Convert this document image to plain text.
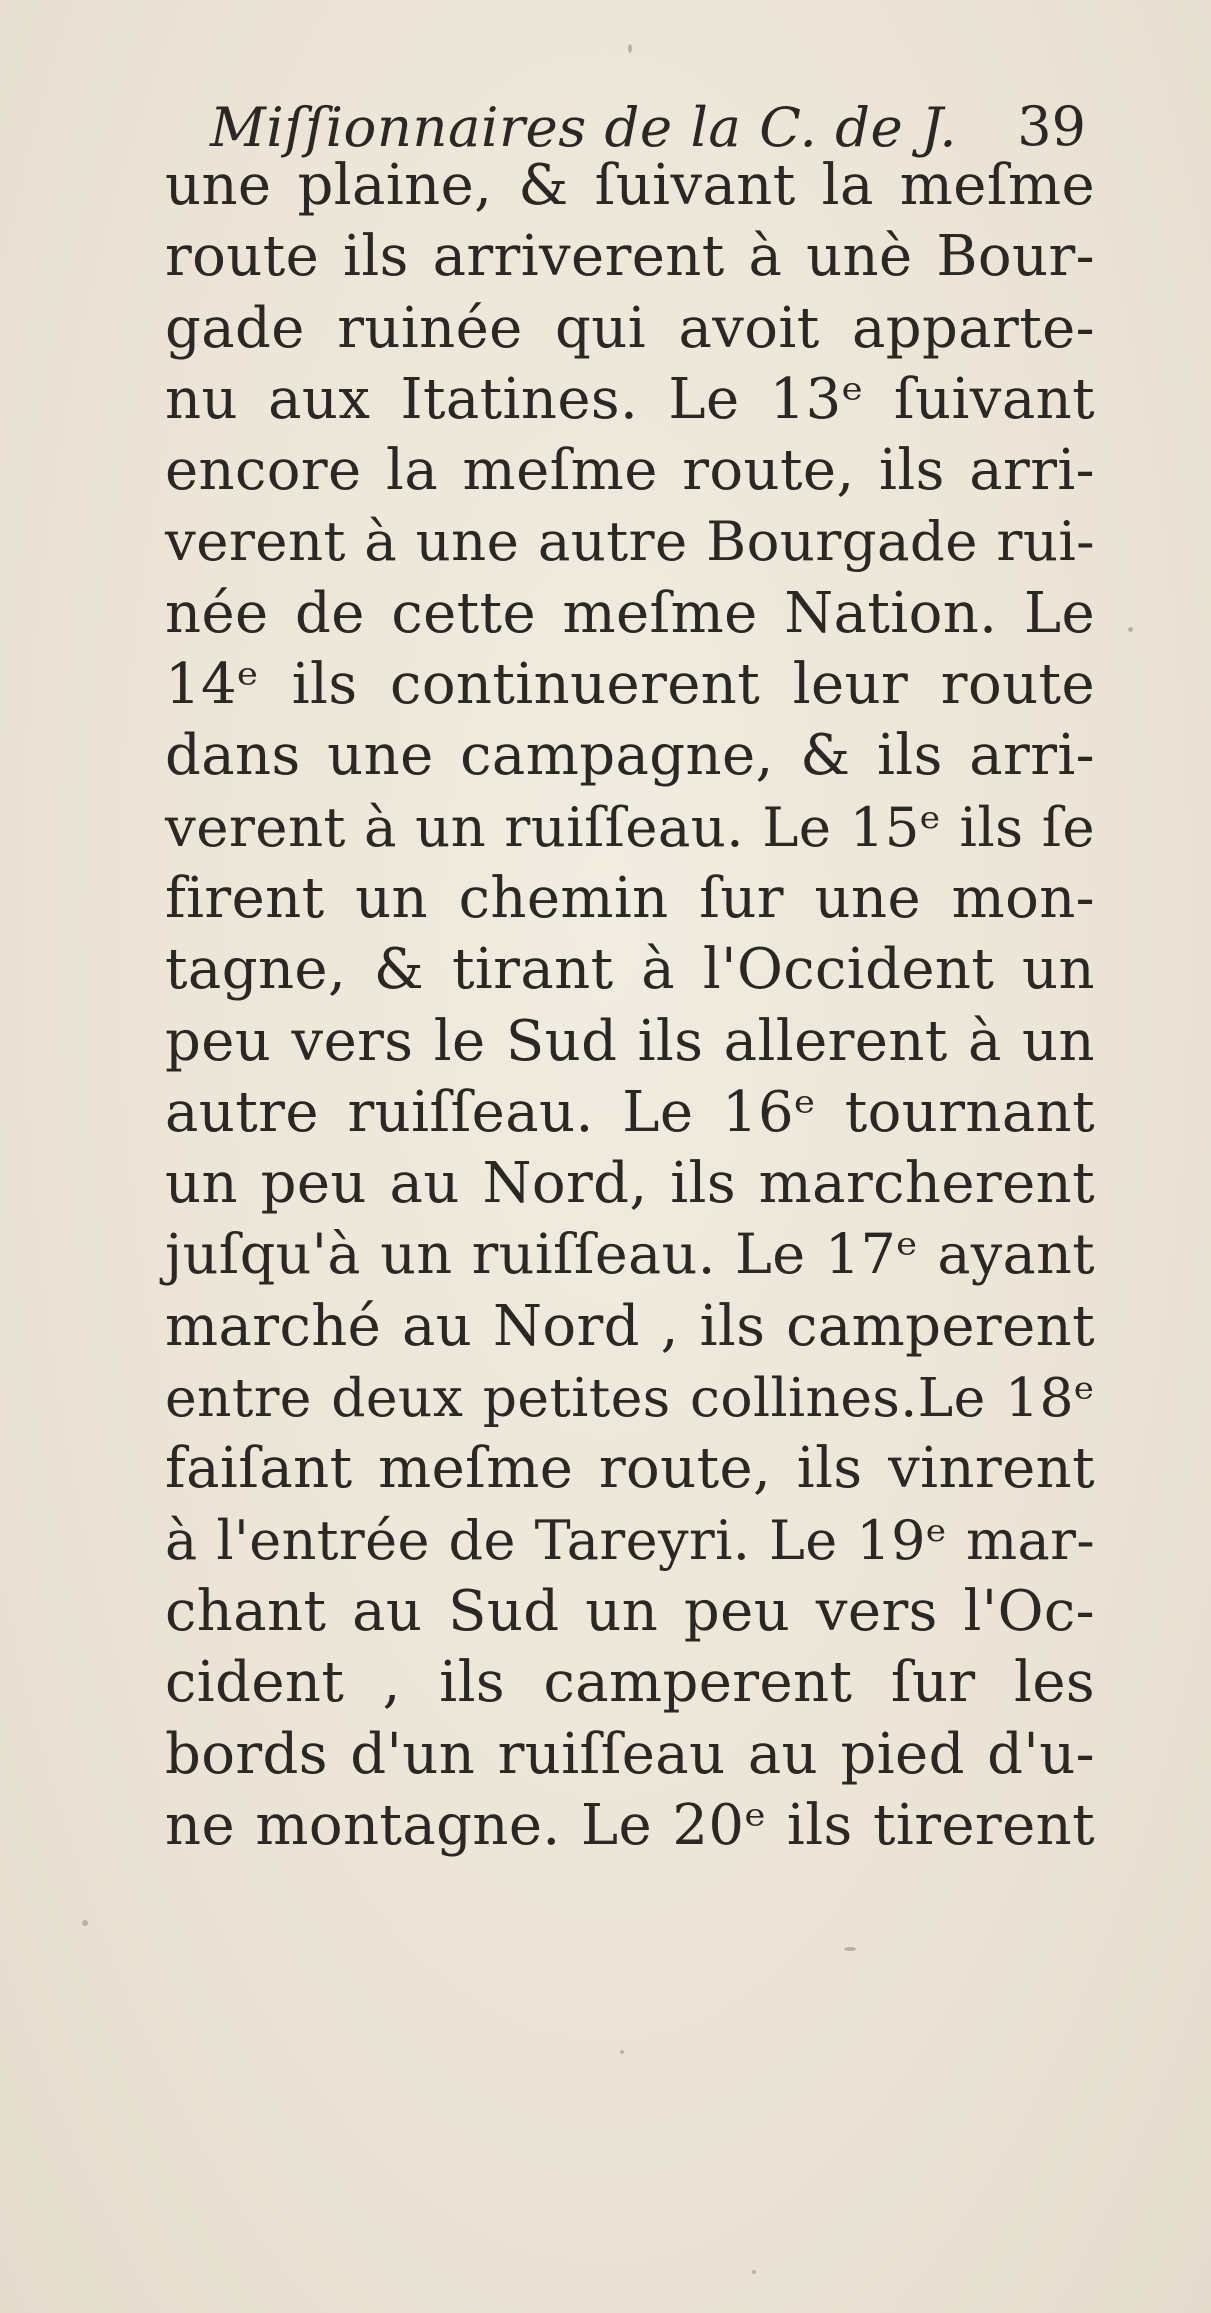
Miſſionnaires de la C. de J. 39
une plaine, & ſuivant la meſme
route ils arriverent à unè Bour-
gade ruinée qui avoit apparte-
nu aux Itatines. Le 13ᵉ ſuivant
encore la meſme route, ils arri-
verent à une autre Bourgade rui-
née de cette meſme Nation. Le
14ᵉ ils continuerent leur route
dans une campagne, & ils arri-
verent à un ruiſſeau. Le 15ᵉ ils ſe
firent un chemin ſur une mon-
tagne, & tirant à l'Occident un
peu vers le Sud ils allerent à un
autre ruiſſeau. Le 16ᵉ tournant
un peu au Nord, ils marcherent
juſqu'à un ruiſſeau. Le 17ᵉ ayant
marché au Nord , ils camperent
entre deux petites collines.Le 18ᵉ
faiſant meſme route, ils vinrent
à l'entrée de Tareyri. Le 19ᵉ mar-
chant au Sud un peu vers l'Oc-
cident , ils camperent ſur les
bords d'un ruiſſeau au pied d'u-
ne montagne. Le 20ᵉ ils tirerent
